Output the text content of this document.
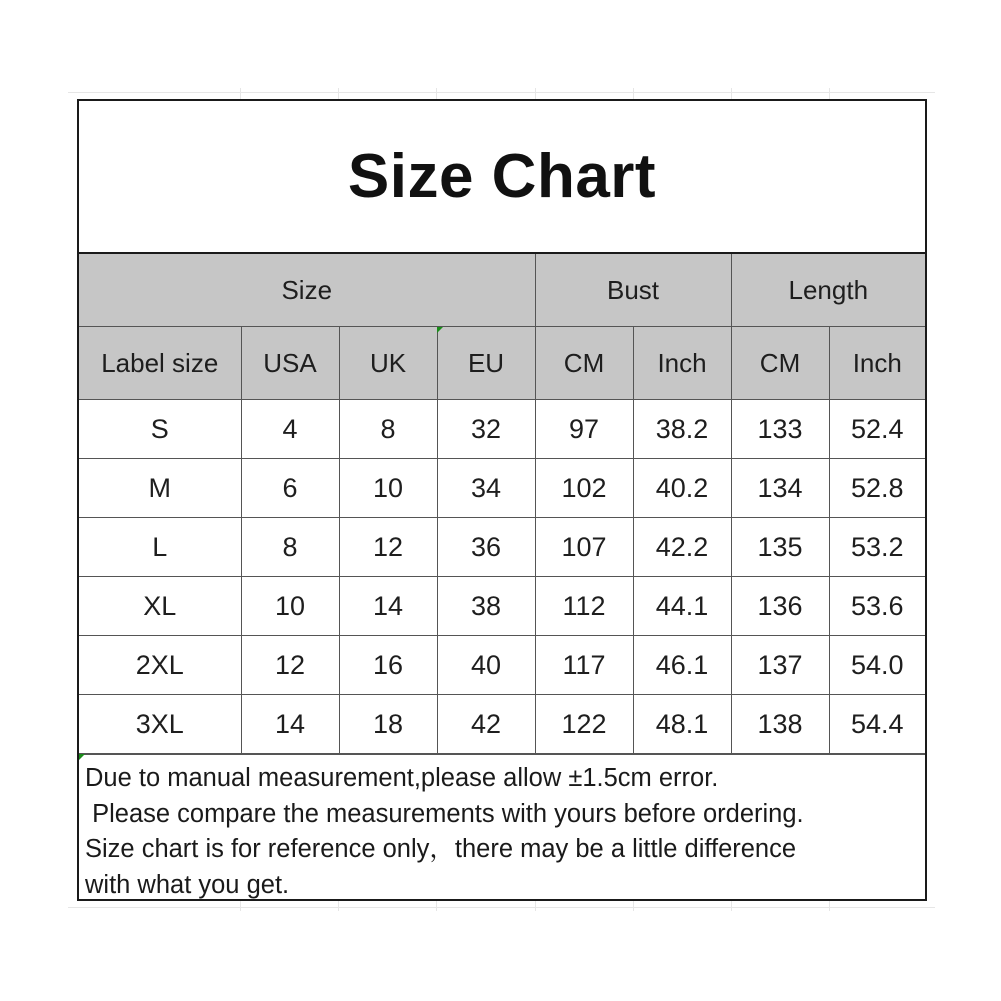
Size Chart
Size				Bust		Length	
Label size	USA	UK	EU	CM	Inch	CM	Inch
S	4	8	32	97	38.2	133	52.4
M	6	10	34	102	40.2	134	52.8
L	8	12	36	107	42.2	135	53.2
XL	10	14	38	112	44.1	136	53.6
2XL	12	16	40	117	46.1	137	54.0
3XL	14	18	42	122	48.1	138	54.4
Due to manual measurement,please allow ±1.5cm error.
Please compare the measurements with yours before ordering.
Size chart is for reference only，there may be a little difference
with what you get.
